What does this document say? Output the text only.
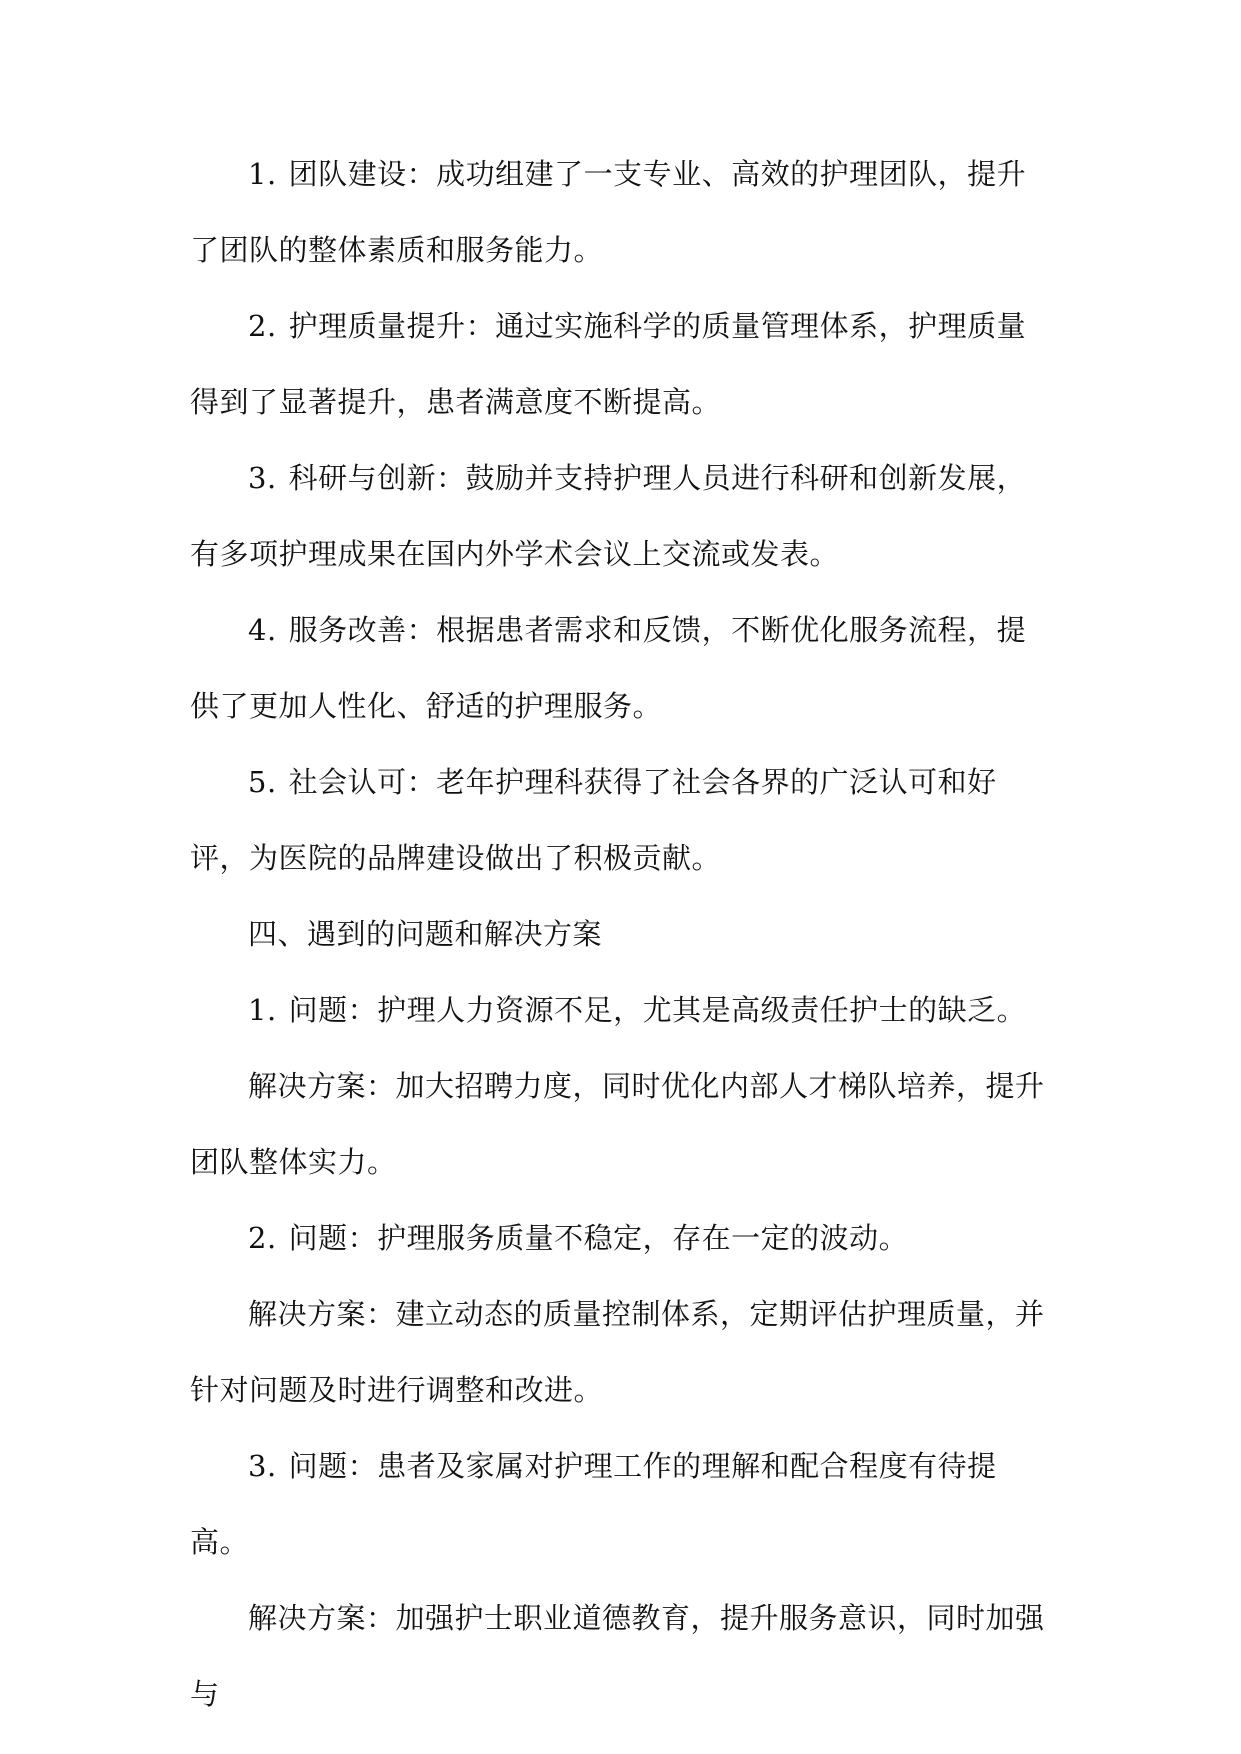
1. 团队建设：成功组建了一支专业、高效的护理团队，提升了团队的整体素质和服务能力。

2. 护理质量提升：通过实施科学的质量管理体系，护理质量得到了显著提升，患者满意度不断提高。

3. 科研与创新：鼓励并支持护理人员进行科研和创新发展，有多项护理成果在国内外学术会议上交流或发表。

4. 服务改善：根据患者需求和反馈，不断优化服务流程，提供了更加人性化、舒适的护理服务。

5. 社会认可：老年护理科获得了社会各界的广泛认可和好评，为医院的品牌建设做出了积极贡献。

四、遇到的问题和解决方案

1. 问题：护理人力资源不足，尤其是高级责任护士的缺乏。

解决方案：加大招聘力度，同时优化内部人才梯队培养，提升团队整体实力。

2. 问题：护理服务质量不稳定，存在一定的波动。

解决方案：建立动态的质量控制体系，定期评估护理质量，并针对问题及时进行调整和改进。

3. 问题：患者及家属对护理工作的理解和配合程度有待提高。

解决方案：加强护士职业道德教育，提升服务意识，同时加强与
